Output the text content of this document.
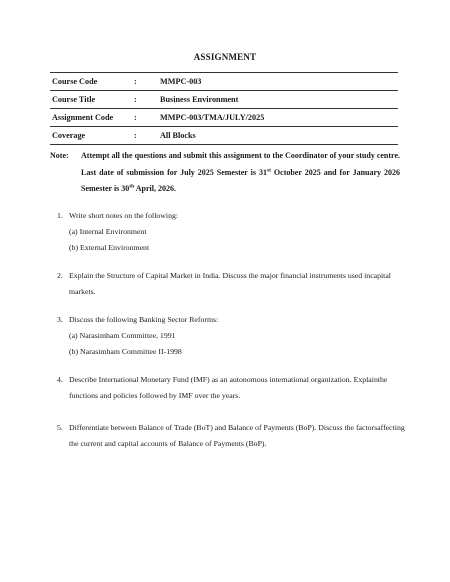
ASSIGNMENT
Course Code	:	MMPC-003
Course Title	:	Business Environment
Assignment Code	:	MMPC-003/TMA/JULY/2025
Coverage	:	All Blocks
Note: Attempt all the questions and submit this assignment to the Coordinator of your study centre. Last date of submission for July 2025 Semester is 31st October 2025 and for January 2026 Semester is 30th April, 2026.
1. Write short notes on the following:
(a) Internal Environment
(b) External Environment
2. Explain the Structure of Capital Market in India. Discuss the major financial instruments used incapital markets.
3. Discuss the following Banking Sector Reforms:
(a) Narasimham Committee, 1991
(b) Narasimham Committee II-1998
4. Describe International Monetary Fund (IMF) as an autonomous international organization. Explainthe functions and policies followed by IMF over the years.
5. Differentiate between Balance of Trade (BoT) and Balance of Payments (BoP). Discuss the factorsaffecting the current and capital accounts of Balance of Payments (BoP).
